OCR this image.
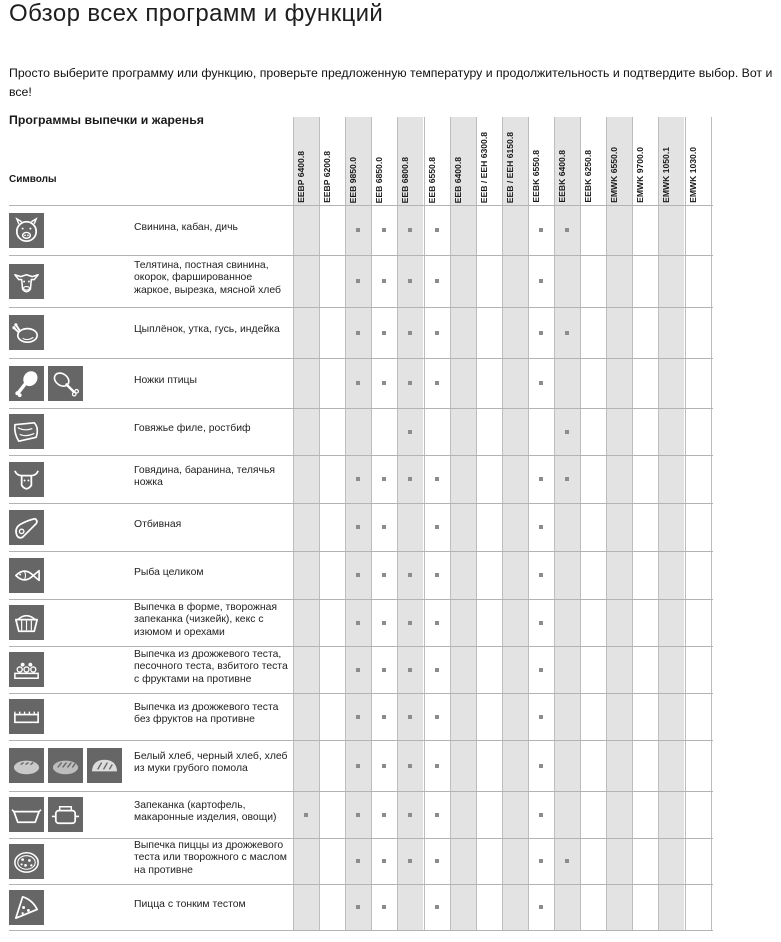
Обзор всех программ и функций
Просто выберите программу или функцию, проверьте предложенную температуру и продолжительность и подтвердите выбор. Вот и все!
Программы выпечки и жаренья
Символы	EEBP 6400.8 EEBP 6200.8 EEB 9850.0 EEB 6850.0 EEB 6800.8 EEB 6550.8 EEB 6400.8 EEB / EEH 6300.8 EEB / EEH 6150.8 EEBK 6550.8 EEBK 6400.8 EEBK 6250.8 EMWK 6550.0 EMWK 9700.0 EMWK 1050.1 EMWK 1030.0
Свинина, кабан, дичь
Телятина, постная свинина, окорок, фаршированное жаркое, вырезка, мясной хлеб
Цыплёнок, утка, гусь, индейка
Ножки птицы
Говяжье филе, ростбиф
Говядина, баранина, телячья ножка
Отбивная
Рыба целиком
Выпечка в форме, творожная запеканка (чизкейк), кекс с изюмом и орехами
Выпечка из дрожжевого теста, песочного теста, взбитого теста с фруктами на противне
Выпечка из дрожжевого теста без фруктов на противне
Белый хлеб, черный хлеб, хлеб из муки грубого помола
Запеканка (картофель, макаронные изделия, овощи)
Выпечка пиццы из дрожжевого теста или творожного с маслом на противне
Пицца с тонким тестом
